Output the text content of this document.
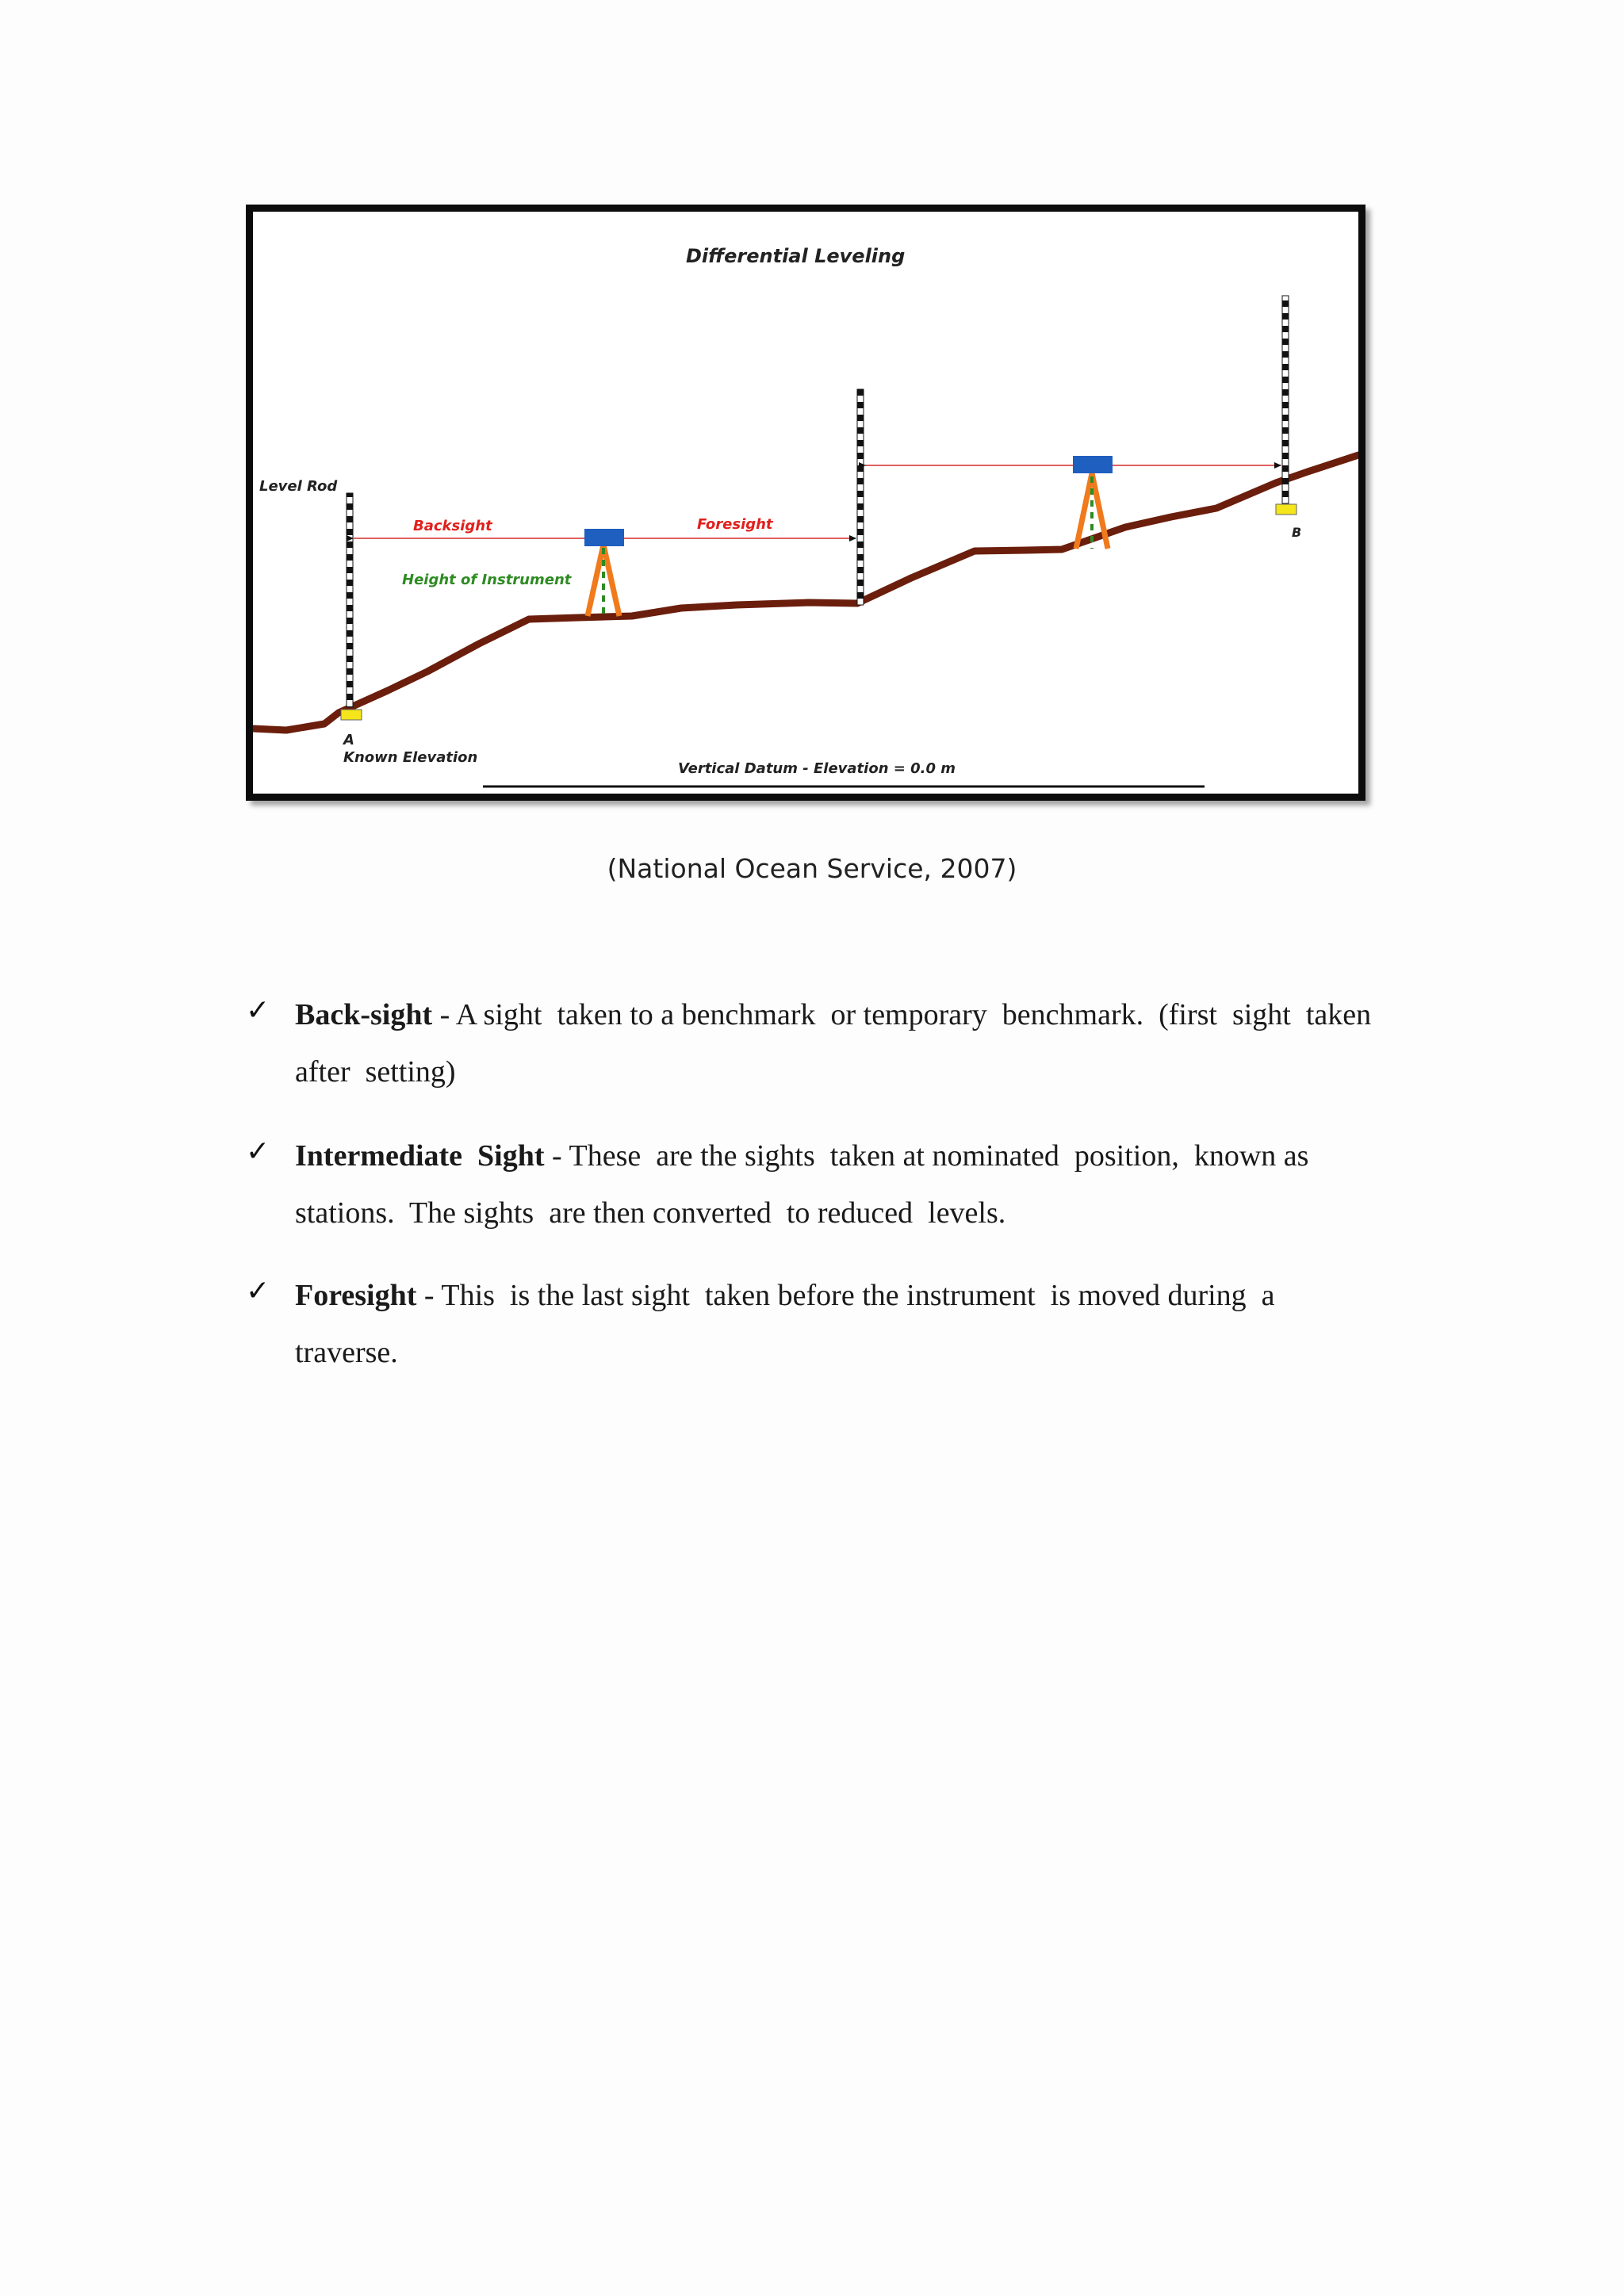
Differential Leveling
Level Rod
Backsight	Foresight
Height of Instrument
A
Known Elevation
B
Vertical Datum - Elevation = 0.0 m
(National Ocean Service, 2007)
✓ Back-sight - A sight  taken to a benchmark  or temporary  benchmark.  (first  sight  taken
after  setting)
✓ Intermediate  Sight - These  are the sights  taken at nominated  position,  known as
stations.  The sights  are then converted  to reduced  levels.
✓ Foresight - This  is the last sight  taken before the instrument  is moved during  a
traverse.
